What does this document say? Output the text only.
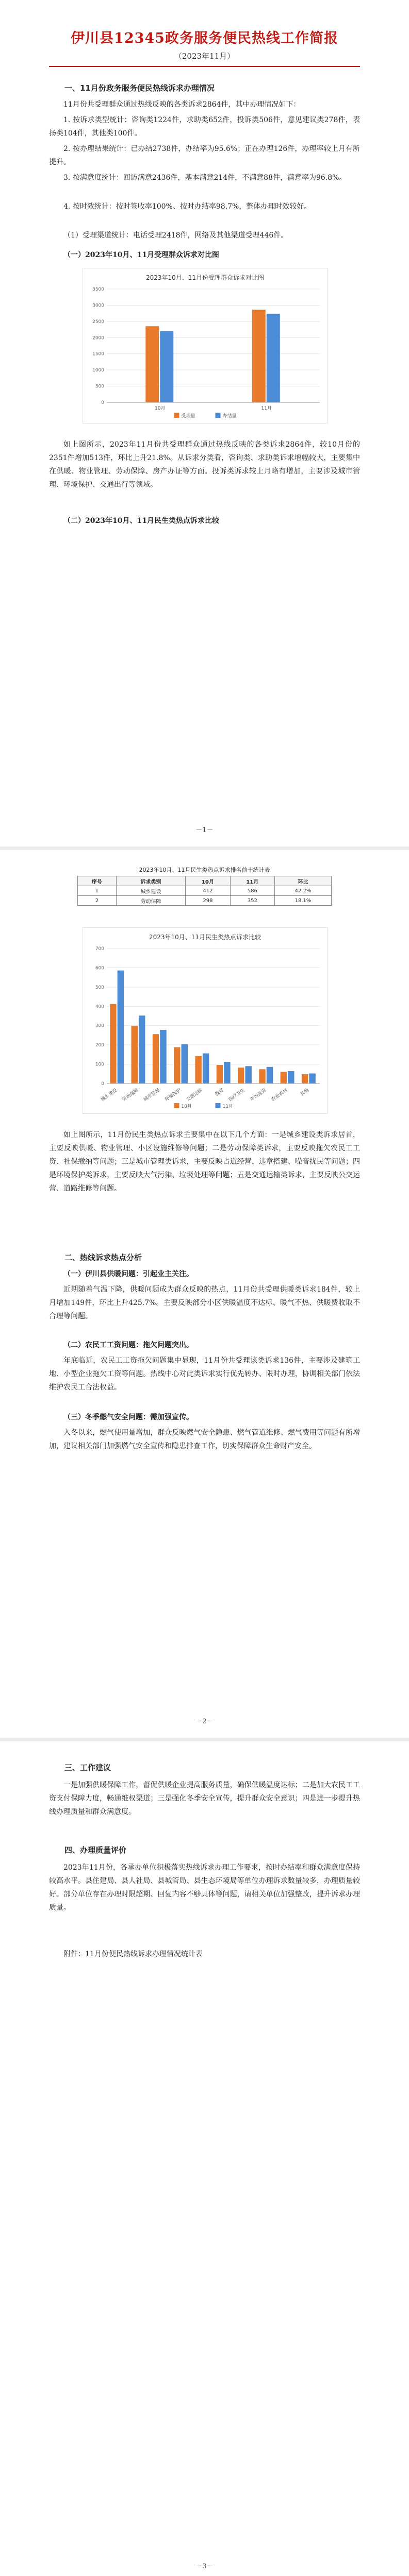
伊川县12345政务服务便民热线工作简报
（2023年11月）

一、11月份政务服务便民热线诉求办理情况

11月份共受理群众通过热线反映的各类诉求2864件，其中办理情况如下：

1. 按诉求类型统计：咨询类1224件，求助类652件，投诉类506件，意见建议类278件，表扬类104件，其他类100件。

2. 按办理结果统计：已办结2738件，办结率为95.6%；正在办理126件，办理率较上月有所提升。

3. 按满意度统计：回访满意2436件，基本满意214件，不满意88件，满意率为96.8%。

4. 按时效统计：按时签收率100%、按时办结率98.7%，整体办理时效较好。

（1）受理渠道统计：电话受理2418件，网络及其他渠道受理446件。

（一）2023年10月、11月受理群众诉求对比图

2023年10月、11月份受理群众诉求对比图
0
500
1000
1500
2000
2500
3000
3500
10月	11月
受理量	办结量

如上图所示，2023年11月份共受理群众通过热线反映的各类诉求2864件，较10月份的2351件增加513件，环比上升21.8%。从诉求分类看，咨询类、求助类诉求增幅较大，主要集中在供暖、物业管理、劳动保障、房产办证等方面。投诉类诉求较上月略有增加，主要涉及城市管理、环境保护、交通出行等领域。

（二）2023年10月、11月民生类热点诉求比较

－1－
2023年10月、11月民生类热点诉求排名前十统计表
序号	诉求类别	10月	11月	环比
1	城乡建设	412	586	42.2%
2	劳动保障	298	352	18.1%
2023年10月、11月民生类热点诉求比较
0
100
200
300
400
500
600
700
城乡建设 劳动保障 城市管理 环境保护 交通运输 教育 医疗卫生 市场监管 农业农村 其他
10月	11月

如上图所示，11月份民生类热点诉求主要集中在以下几个方面：一是城乡建设类诉求居首，主要反映供暖、物业管理、小区设施维修等问题；二是劳动保障类诉求，主要反映拖欠农民工工资、社保缴纳等问题；三是城市管理类诉求，主要反映占道经营、违章搭建、噪音扰民等问题；四是环境保护类诉求，主要反映大气污染、垃圾处理等问题；五是交通运输类诉求，主要反映公交运营、道路维修等问题。

二、热线诉求热点分析

（一）伊川县供暖问题：引起业主关注。

近期随着气温下降，供暖问题成为群众反映的热点，11月份共受理供暖类诉求184件，较上月增加149件，环比上升425.7%。主要反映部分小区供暖温度不达标、暖气不热、供暖费收取不合理等问题。

（二）农民工工资问题：拖欠问题突出。

年底临近，农民工工资拖欠问题集中显现，11月份共受理该类诉求136件，主要涉及建筑工地、小型企业拖欠工资等问题。热线中心对此类诉求实行优先转办、限时办理，协调相关部门依法维护农民工合法权益。

（三）冬季燃气安全问题：需加强宣传。

入冬以来，燃气使用量增加，群众反映燃气安全隐患、燃气管道维修、燃气费用等问题有所增加，建议相关部门加强燃气安全宣传和隐患排查工作，切实保障群众生命财产安全。

－2－

三、工作建议

一是加强供暖保障工作，督促供暖企业提高服务质量，确保供暖温度达标；二是加大农民工工资支付保障力度，畅通维权渠道；三是强化冬季安全宣传，提升群众安全意识；四是进一步提升热线办理质量和群众满意度。

四、办理质量评价

2023年11月份，各承办单位积极落实热线诉求办理工作要求，按时办结率和群众满意度保持较高水平。县住建局、县人社局、县城管局、县生态环境局等单位办理诉求数量较多，办理质量较好。部分单位存在办理时限超期、回复内容不够具体等问题，请相关单位加强整改，提升诉求办理质量。

附件：11月份便民热线诉求办理情况统计表

－3－
